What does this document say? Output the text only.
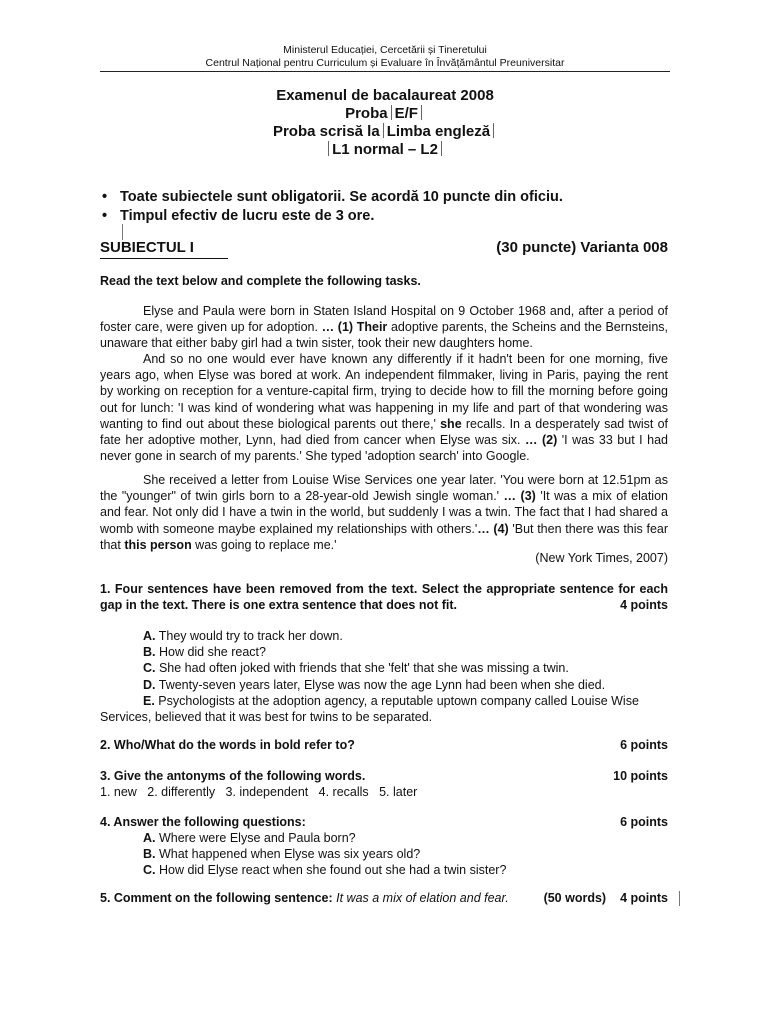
Ministerul Educației, Cercetării și Tineretului
Centrul Național pentru Curriculum și Evaluare în Învățământul Preuniversitar
Examenul de bacalaureat 2008
Proba E/F
Proba scrisă la Limba engleză
L1 normal – L2
• Toate subiectele sunt obligatorii. Se acordă 10 puncte din oficiu.
• Timpul efectiv de lucru este de 3 ore.
SUBIECTUL I	(30 puncte) Varianta 008
Read the text below and complete the following tasks.
Elyse and Paula were born in Staten Island Hospital on 9 October 1968 and, after a period of foster care, were given up for adoption. … (1) Their adoptive parents, the Scheins and the Bernsteins, unaware that either baby girl had a twin sister, took their new daughters home.
And so no one would ever have known any differently if it hadn't been for one morning, five years ago, when Elyse was bored at work. An independent filmmaker, living in Paris, paying the rent by working on reception for a venture-capital firm, trying to decide how to fill the morning before going out for lunch: 'I was kind of wondering what was happening in my life and part of that wondering was wanting to find out about these biological parents out there,' she recalls. In a desperately sad twist of fate her adoptive mother, Lynn, had died from cancer when Elyse was six. … (2) 'I was 33 but I had never gone in search of my parents.' She typed 'adoption search' into Google.
She received a letter from Louise Wise Services one year later. 'You were born at 12.51pm as the "younger" of twin girls born to a 28-year-old Jewish single woman.' … (3) 'It was a mix of elation and fear. Not only did I have a twin in the world, but suddenly I was a twin. The fact that I had shared a womb with someone maybe explained my relationships with others.'… (4) 'But then there was this fear that this person was going to replace me.'
(New York Times, 2007)
1. Four sentences have been removed from the text. Select the appropriate sentence for each gap in the text. There is one extra sentence that does not fit.	4 points
A. They would try to track her down.
B. How did she react?
C. She had often joked with friends that she 'felt' that she was missing a twin.
D. Twenty-seven years later, Elyse was now the age Lynn had been when she died.
E. Psychologists at the adoption agency, a reputable uptown company called Louise Wise Services, believed that it was best for twins to be separated.
2. Who/What do the words in bold refer to?	6 points
3. Give the antonyms of the following words.	10 points
1. new   2. differently   3. independent   4. recalls   5. later
4. Answer the following questions:	6 points
A. Where were Elyse and Paula born?
B. What happened when Elyse was six years old?
C. How did Elyse react when she found out she had a twin sister?
5. Comment on the following sentence: It was a mix of elation and fear.	(50 words) 4 points
